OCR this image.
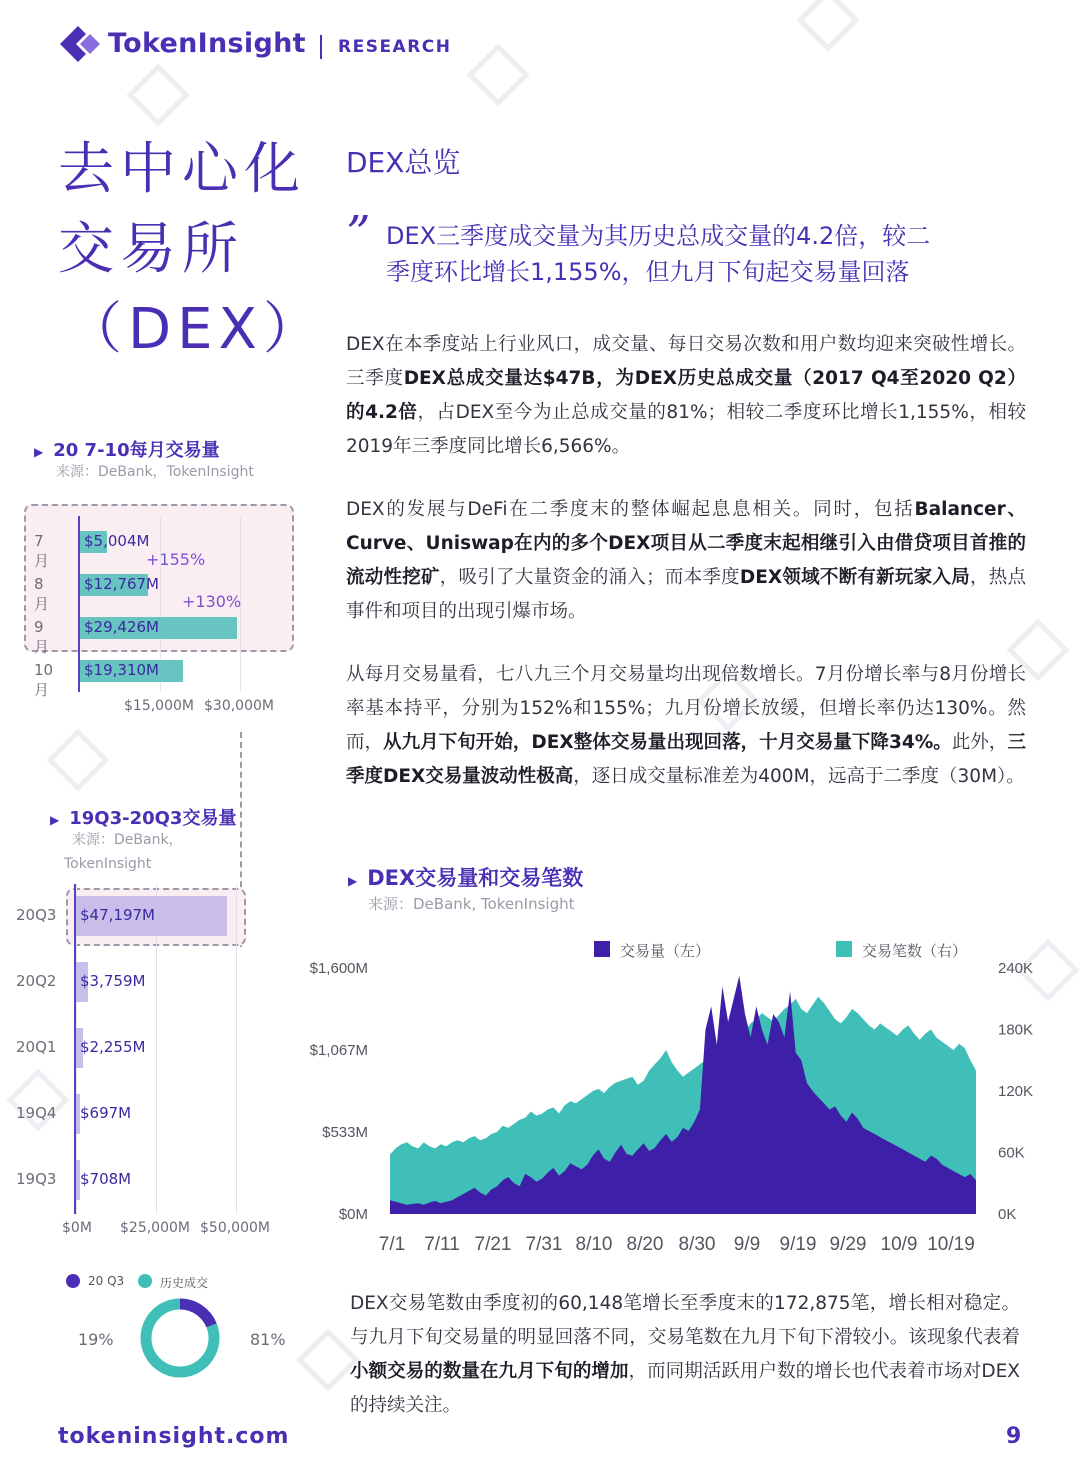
TokenInsight RESEARCH
去中心化
交易所
（DEX）
DEX总览
” DEX三季度成交量为其历史总成交量的4.2倍，较二
季度环比增长1,155%，但九月下旬起交易量回落
DEX在本季度站上行业风口，成交量、每日交易次数和用户数均迎来突破性增长。三季度DEX总成交量达$47B，为DEX历史总成交量（2017 Q4至2020 Q2）的4.2倍，占DEX至今为止总成交量的81%；相较二季度环比增长1,155%，相较2019年三季度同比增长6,566%。
DEX的发展与DeFi在二季度末的整体崛起息息相关。同时，包括Balancer、Curve、Uniswap在内的多个DEX项目从二季度末起相继引入由借贷项目首推的流动性挖矿，吸引了大量资金的涌入；而本季度DEX领域不断有新玩家入局，热点事件和项目的出现引爆市场。
从每月交易量看，七八九三个月交易量均出现倍数增长。7月份增长率与8月份增长率基本持平，分别为152%和155%；九月份增长放缓，但增长率仍达130%。然而，从九月下旬开始，DEX整体交易量出现回落，十月交易量下降34%。此外，三季度DEX交易量波动性极高，逐日成交量标准差为400M，远高于二季度（30M）。
DEX交易笔数由季度初的60,148笔增长至季度末的172,875笔，增长相对稳定。与九月下旬交易量的明显回落不同，交易笔数在九月下旬下滑较小。该现象代表着小额交易的数量在九月下旬的增加，而同期活跃用户数的增长也代表着市场对DEX的持续关注。
▶ 20 7-10每月交易量
来源：DeBank，TokenInsight
$15,000M $30,000M
7月
$5,004M
8月
$12,767M
9月
$29,426M
10月
$19,310M
+155%
+130%
▶ 19Q3-20Q3交易量
来源：DeBank，
TokenInsight
$0M $25,000M $50,000M
20Q3 $47,197M
20Q2 $3,759M
20Q1 $2,255M
19Q4 $697M
19Q3 $708M
20 Q3	历史成交
19%	81%
▶ DEX交易量和交易笔数
来源：DeBank, TokenInsight
交易量（左）	交易笔数（右）
$0M
$533M
$1,067M
$1,600M
0K
60K
120K
180K
240K
7/1 7/11 7/21 7/31 8/10 8/20 8/30 9/9 9/19 9/29 10/9 10/19
tokeninsight.com	9
